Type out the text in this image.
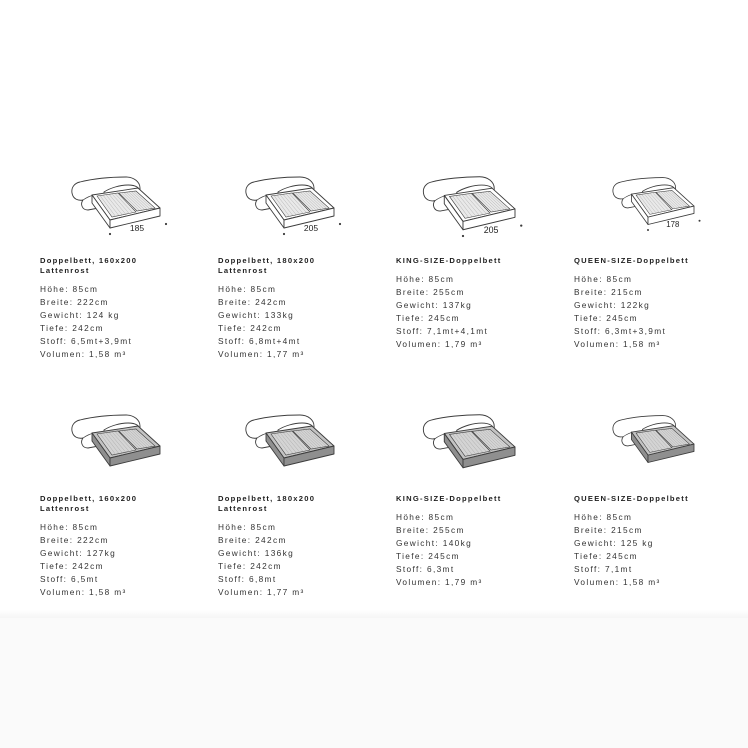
185
Doppelbett, 160x200
Lattenrost
Höhe: 85cm
Breite: 222cm
Gewicht: 124 kg
Tiefe: 242cm
Stoff: 6,5mt+3,9mt
Volumen: 1,58 m³
205
Doppelbett, 180x200
Lattenrost
Höhe: 85cm
Breite: 242cm
Gewicht: 133kg
Tiefe: 242cm
Stoff: 6,8mt+4mt
Volumen: 1,77 m³
205
KING-SIZE-Doppelbett
Höhe: 85cm
Breite: 255cm
Gewicht: 137kg
Tiefe: 245cm
Stoff: 7,1mt+4,1mt
Volumen: 1,79 m³
178
QUEEN-SIZE-Doppelbett
Höhe: 85cm
Breite: 215cm
Gewicht: 122kg
Tiefe: 245cm
Stoff: 6,3mt+3,9mt
Volumen: 1,58 m³
Doppelbett, 160x200
Lattenrost
Höhe: 85cm
Breite: 222cm
Gewicht: 127kg
Tiefe: 242cm
Stoff: 6,5mt
Volumen: 1,58 m³
Doppelbett, 180x200
Lattenrost
Höhe: 85cm
Breite: 242cm
Gewicht: 136kg
Tiefe: 242cm
Stoff: 6,8mt
Volumen: 1,77 m³
KING-SIZE-Doppelbett
Höhe: 85cm
Breite: 255cm
Gewicht: 140kg
Tiefe: 245cm
Stoff: 6,3mt
Volumen: 1,79 m³
QUEEN-SIZE-Doppelbett
Höhe: 85cm
Breite: 215cm
Gewicht: 125 kg
Tiefe: 245cm
Stoff: 7,1mt
Volumen: 1,58 m³
